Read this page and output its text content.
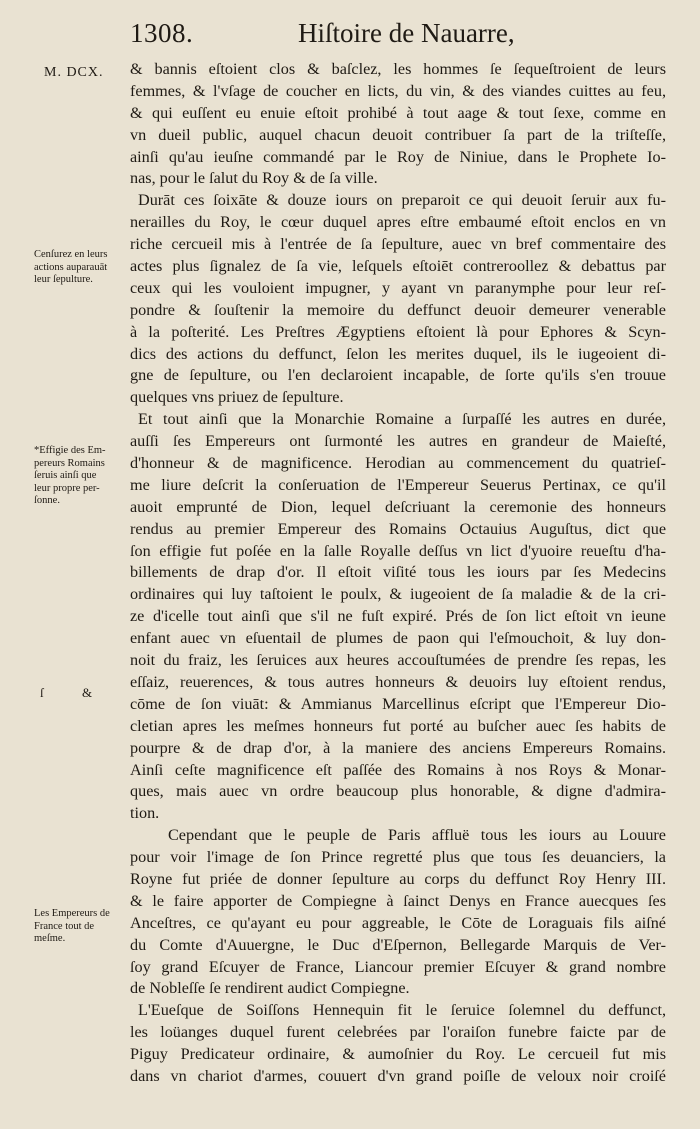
1308.	Hiſtoire de Nauarre,
M. DCX.
Cenſurez en leurs
actions auparauāt
leur ſepulture.
*Effigie des Em-
pereurs Romains
ſeruis ainſi que
leur propre per-
ſonne.
ſ	&
Les Empereurs de
France tout de
meſme.
& bannis eſtoient clos & baſclez, les hommes ſe ſequeſtroient de leurs
femmes, & l'vſage de coucher en licts, du vin, & des viandes cuittes au feu,
& qui euſſent eu enuie eſtoit prohibé à tout aage & tout ſexe, comme en
vn dueil public, auquel chacun deuoit contribuer ſa part de la triſteſſe,
ainſi qu'au ieuſne commandé par le Roy de Niniue, dans le Prophete Io-
nas, pour le ſalut du Roy & de ſa ville.
Durāt ces ſoixāte & douze iours on preparoit ce qui deuoit ſeruir aux fu-
nerailles du Roy, le cœur duquel apres eſtre embaumé eſtoit enclos en vn
riche cercueil mis à l'entrée de ſa ſepulture, auec vn bref commentaire des
actes plus ſignalez de ſa vie, leſquels eſtoiēt contreroollez & debattus par
ceux qui les vouloient impugner, y ayant vn paranymphe pour leur reſ-
pondre & ſouſtenir la memoire du deffunct deuoir demeurer venerable
à la poſterité. Les Preſtres Ægyptiens eſtoient là pour Ephores & Scyn-
dics des actions du deffunct, ſelon les merites duquel, ils le iugeoient di-
gne de ſepulture, ou l'en declaroient incapable, de ſorte qu'ils s'en trouue
quelques vns priuez de ſepulture.
Et tout ainſi que la Monarchie Romaine a ſurpaſſé les autres en durée,
auſſi ſes Empereurs ont ſurmonté les autres en grandeur de Maieſté,
d'honneur & de magnificence. Herodian au commencement du quatrieſ-
me liure deſcrit la conſeruation de l'Empereur Seuerus Pertinax, ce qu'il
auoit emprunté de Dion, lequel deſcriuant la ceremonie des honneurs
rendus au premier Empereur des Romains Octauius Auguſtus, dict que
ſon effigie fut poſée en la ſalle Royalle deſſus vn lict d'yuoire reueſtu d'ha-
billements de drap d'or. Il eſtoit viſité tous les iours par ſes Medecins
ordinaires qui luy taſtoient le poulx, & iugeoient de ſa maladie & de la cri-
ze d'icelle tout ainſi que s'il ne fuſt expiré. Prés de ſon lict eſtoit vn ieune
enfant auec vn eſuentail de plumes de paon qui l'eſmouchoit, & luy don-
noit du fraiz, les ſeruices aux heures accouſtumées de prendre ſes repas, les
eſſaiz, reuerences, & tous autres honneurs & deuoirs luy eſtoient rendus,
cōme de ſon viuāt: & Ammianus Marcellinus eſcript que l'Empereur Dio-
cletian apres les meſmes honneurs fut porté au buſcher auec ſes habits de
pourpre & de drap d'or, à la maniere des anciens Empereurs Romains.
Ainſi ceſte magnificence eſt paſſée des Romains à nos Roys & Monar-
ques, mais auec vn ordre beaucoup plus honorable, & digne d'admira-
tion.
Cependant que le peuple de Paris affluë tous les iours au Louure
pour voir l'image de ſon Prince regretté plus que tous ſes deuanciers, la
Royne fut priée de donner ſepulture au corps du deffunct Roy Henry III.
& le faire apporter de Compiegne à ſainct Denys en France auecques ſes
Anceſtres, ce qu'ayant eu pour aggreable, le Cōte de Loraguais fils aiſné
du Comte d'Auuergne, le Duc d'Eſpernon, Bellegarde Marquis de Ver-
ſoy grand Eſcuyer de France, Liancour premier Eſcuyer & grand nombre
de Nobleſſe ſe rendirent audict Compiegne.
L'Eueſque de Soiſſons Hennequin fit le ſeruice ſolemnel du deffunct,
les loüanges duquel furent celebrées par l'oraiſon funebre faicte par de
Piguy Predicateur ordinaire, & aumoſnier du Roy. Le cercueil fut mis
dans vn chariot d'armes, couuert d'vn grand poiſle de veloux noir croiſé
